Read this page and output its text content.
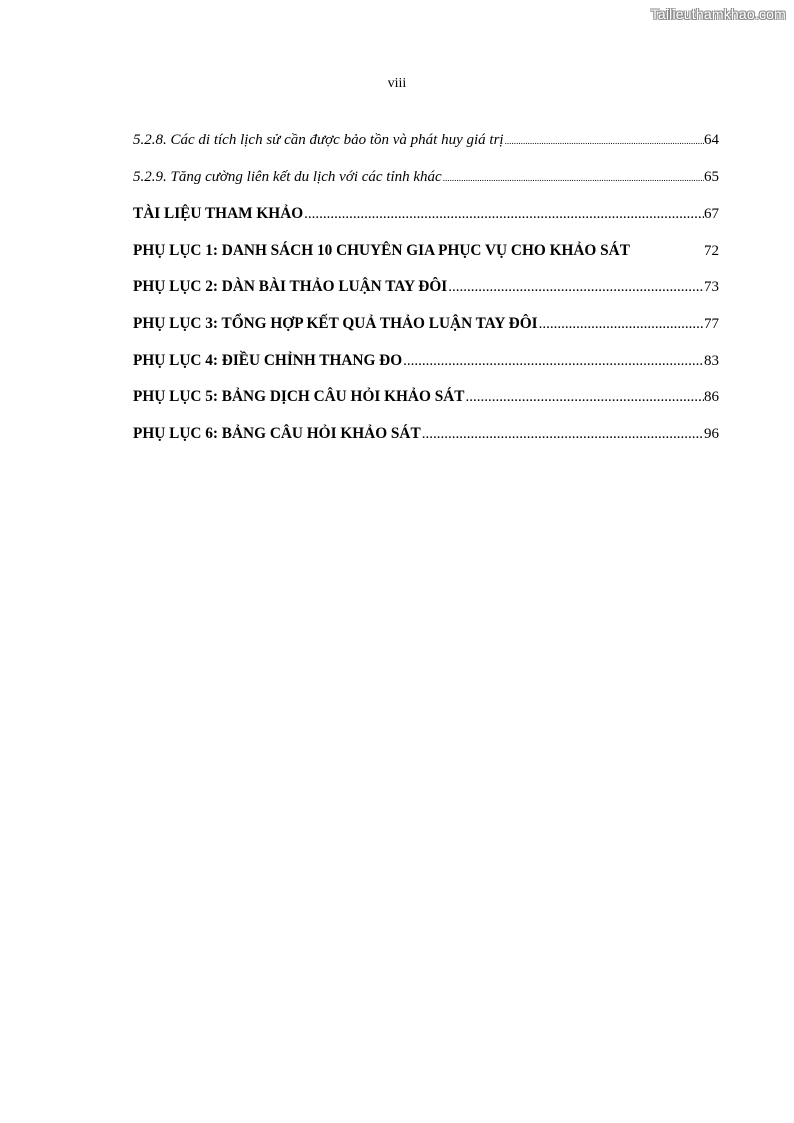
Tailieuthamkhao.com
viii
5.2.8. Các di tích lịch sử cần được bảo tồn và phát huy giá trị .....	64
5.2.9. Tăng cường liên kết du lịch với các tỉnh khác .....	65
TÀI LIỆU THAM KHẢO .....	67
PHỤ LỤC 1: DANH SÁCH 10 CHUYÊN GIA PHỤC VỤ CHO KHẢO SÁT	72
PHỤ LỤC 2: DÀN BÀI THẢO LUẬN TAY ĐÔI .....	73
PHỤ LỤC 3: TỔNG HỢP KẾT QUẢ THẢO LUẬN TAY ĐÔI .....	77
PHỤ LỤC 4: ĐIỀU CHỈNH THANG ĐO .....	83
PHỤ LỤC 5: BẢNG DỊCH CÂU HỎI KHẢO SÁT .....	86
PHỤ LỤC 6: BẢNG CÂU HỎI KHẢO SÁT .....	96
